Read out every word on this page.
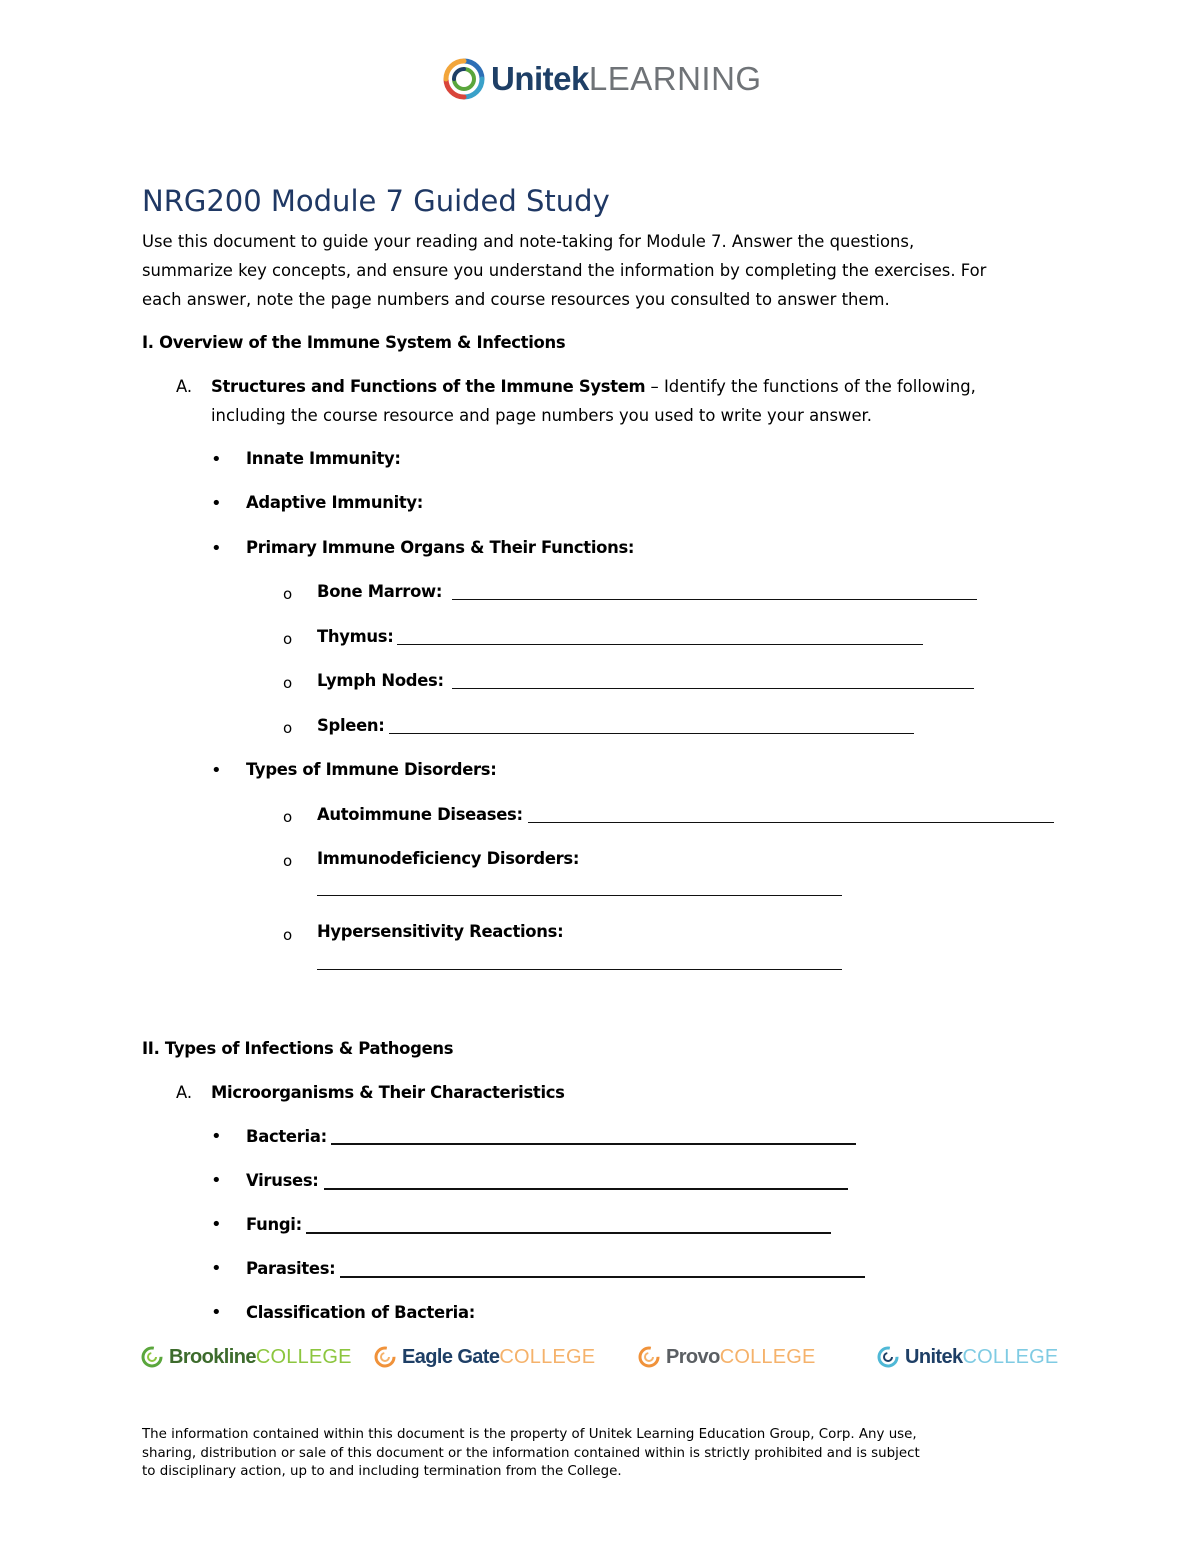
Unitek LEARNING
NRG200 Module 7 Guided Study
Use this document to guide your reading and note-taking for Module 7. Answer the questions,
summarize key concepts, and ensure you understand the information by completing the exercises. For
each answer, note the page numbers and course resources you consulted to answer them.
I. Overview of the Immune System & Infections
A. Structures and Functions of the Immune System – Identify the functions of the following,
including the course resource and page numbers you used to write your answer.
• Innate Immunity:
• Adaptive Immunity:
• Primary Immune Organs & Their Functions:
o Bone Marrow:
o Thymus:
o Lymph Nodes:
o Spleen:
• Types of Immune Disorders:
o Autoimmune Diseases:
o Immunodeficiency Disorders:
o Hypersensitivity Reactions:
II. Types of Infections & Pathogens
A. Microorganisms & Their Characteristics
• Bacteria:
• Viruses:
• Fungi:
• Parasites:
• Classification of Bacteria:
Brookline COLLEGE	Eagle Gate COLLEGE	Provo COLLEGE	Unitek COLLEGE
The information contained within this document is the property of Unitek Learning Education Group, Corp. Any use,
sharing, distribution or sale of this document or the information contained within is strictly prohibited and is subject
to disciplinary action, up to and including termination from the College.
